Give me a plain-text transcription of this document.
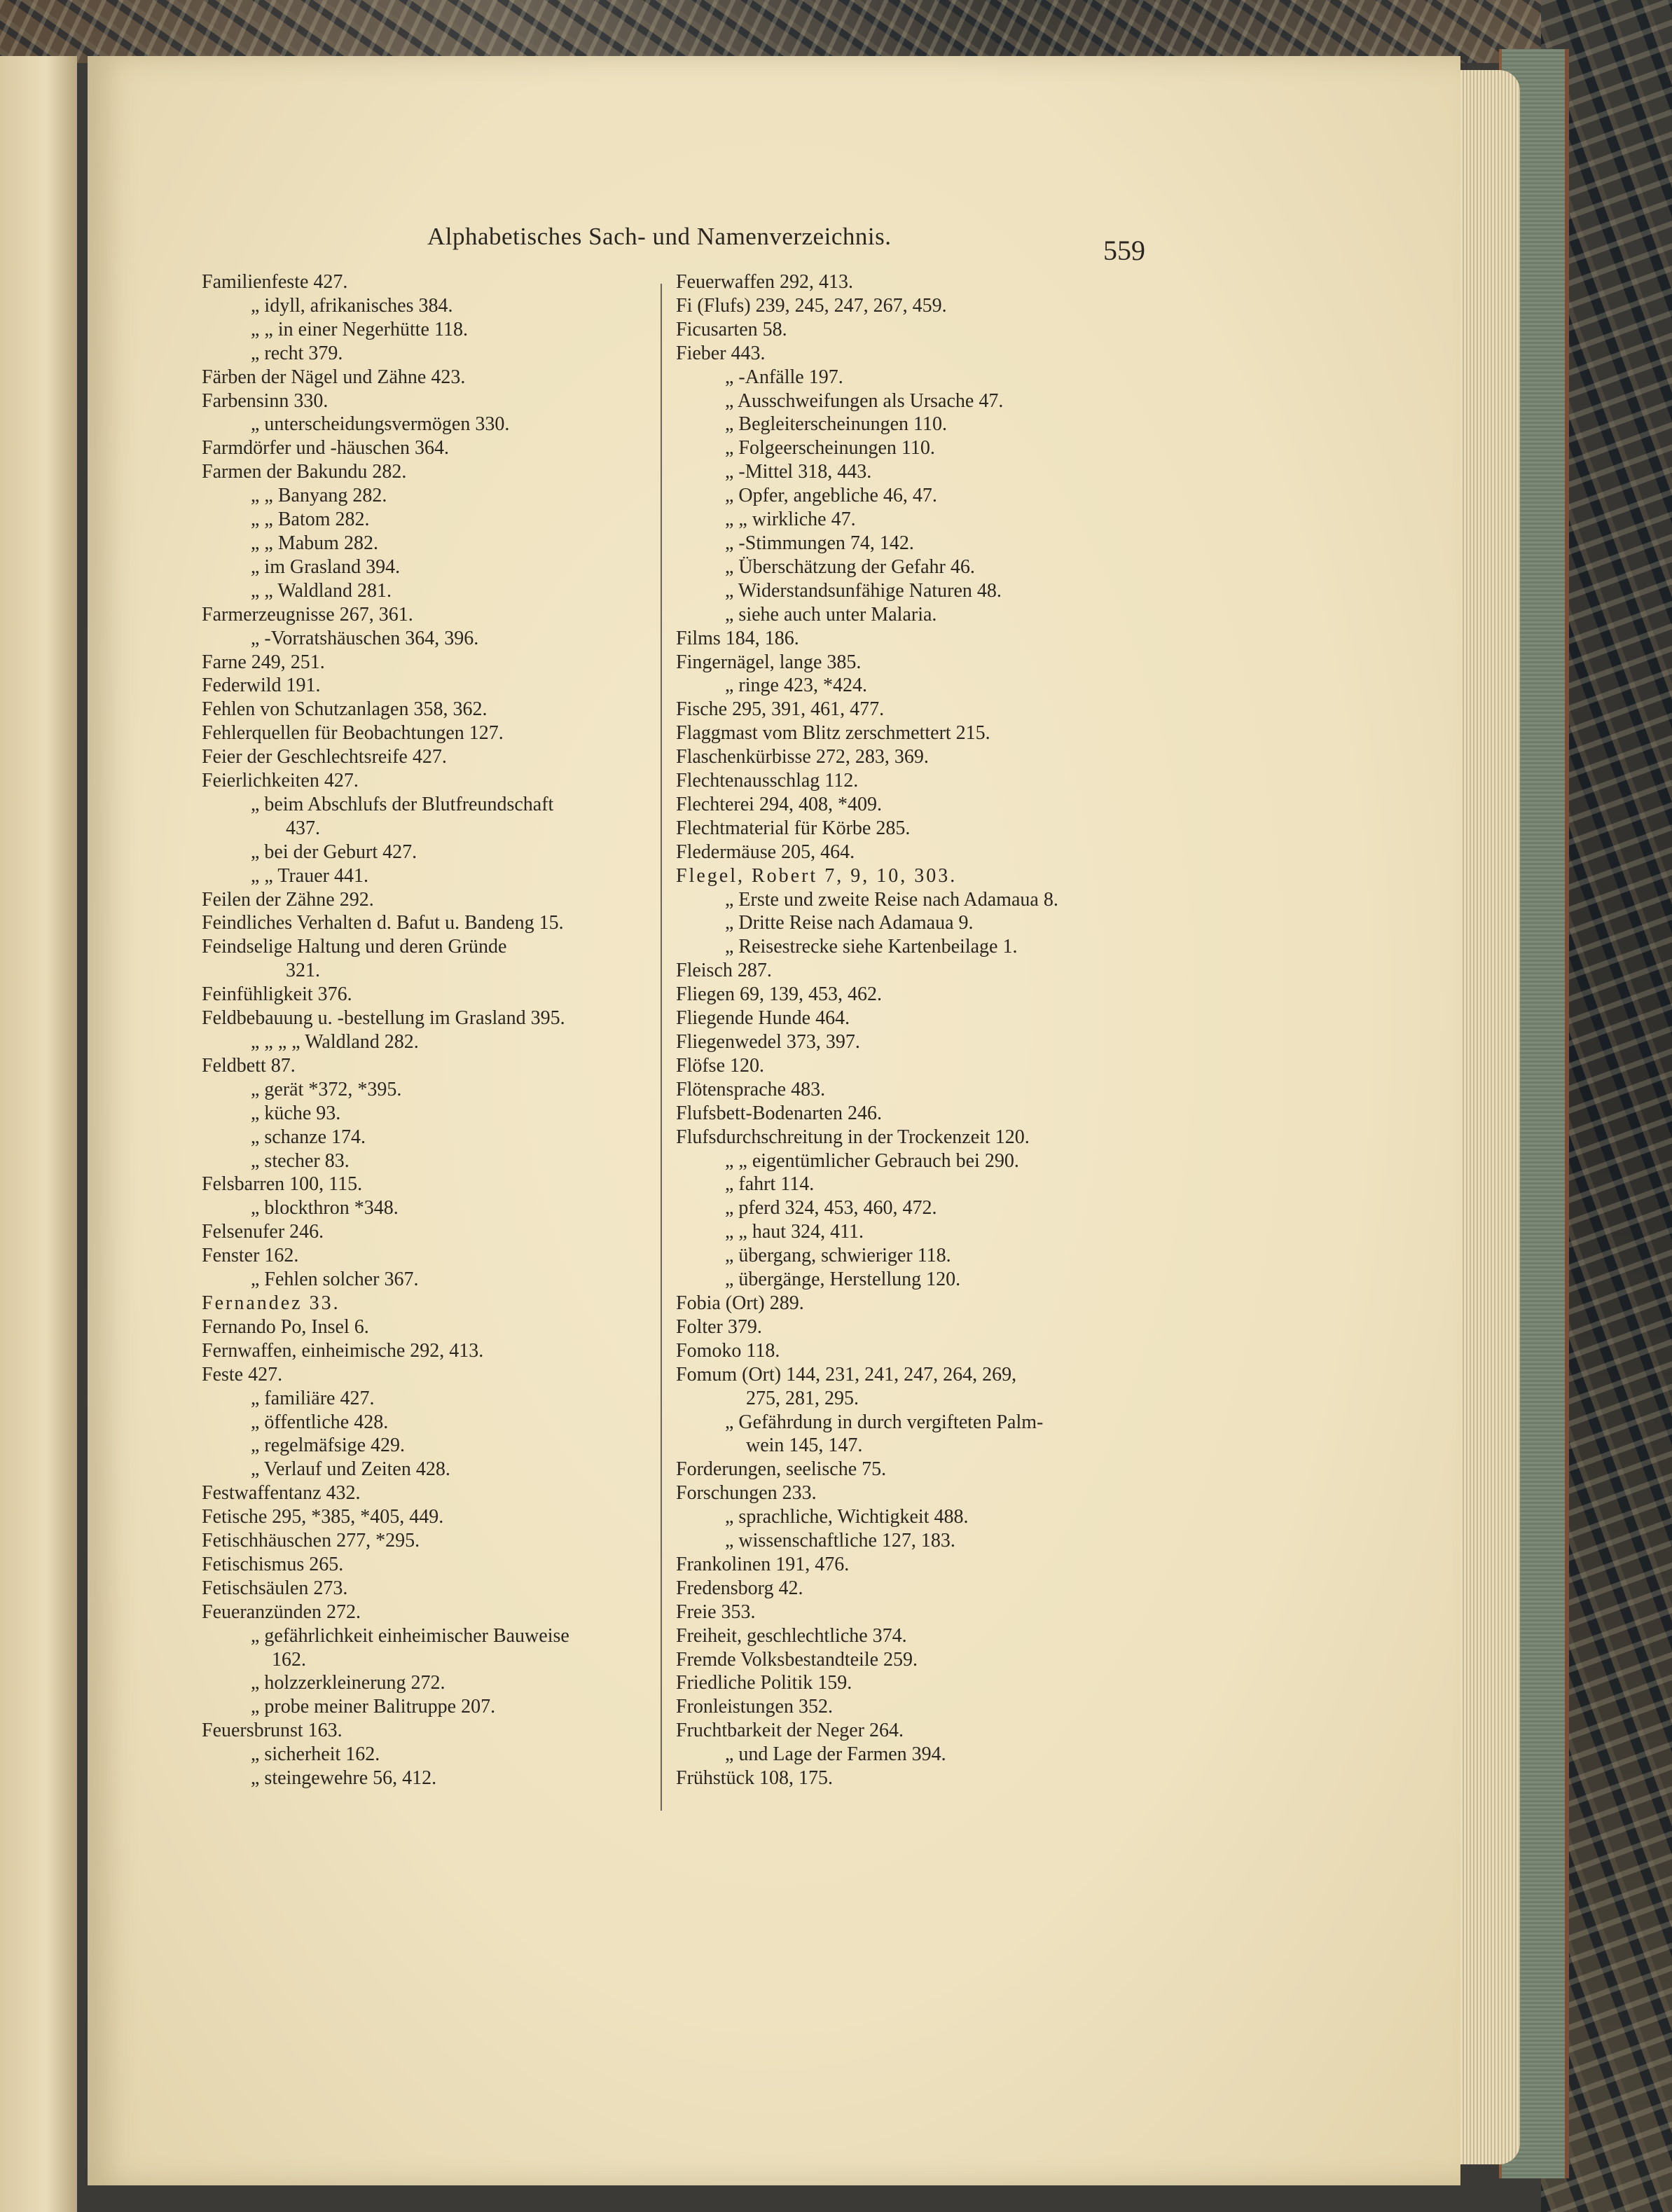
Alphabetisches Sach- und Namenverzeichnis.	559
Familienfeste 427.
„ idyll, afrikanisches 384.
„ „ in einer Negerhütte 118.
„ recht 379.
Färben der Nägel und Zähne 423.
Farbensinn 330.
„ unterscheidungsvermögen 330.
Farmdörfer und -häuschen 364.
Farmen der Bakundu 282.
„ „ Banyang 282.
„ „ Batom 282.
„ „ Mabum 282.
„ im Grasland 394.
„ „ Waldland 281.
Farmerzeugnisse 267, 361.
„ -Vorratshäuschen 364, 396.
Farne 249, 251.
Federwild 191.
Fehlen von Schutzanlagen 358, 362.
Fehlerquellen für Beobachtungen 127.
Feier der Geschlechtsreife 427.
Feierlichkeiten 427.
„ beim Abschlufs der Blutfreundschaft
437.
„ bei der Geburt 427.
„ „ Trauer 441.
Feilen der Zähne 292.
Feindliches Verhalten d. Bafut u. Bandeng 15.
Feindselige Haltung und deren Gründe
321.
Feinfühligkeit 376.
Feldbebauung u. -bestellung im Grasland 395.
„ „ „ „ Waldland 282.
Feldbett 87.
„ gerät *372, *395.
„ küche 93.
„ schanze 174.
„ stecher 83.
Felsbarren 100, 115.
„ blockthron *348.
Felsenufer 246.
Fenster 162.
„ Fehlen solcher 367.
Fernandez 33.
Fernando Po, Insel 6.
Fernwaffen, einheimische 292, 413.
Feste 427.
„ familiäre 427.
„ öffentliche 428.
„ regelmäfsige 429.
„ Verlauf und Zeiten 428.
Festwaffentanz 432.
Fetische 295, *385, *405, 449.
Fetischhäuschen 277, *295.
Fetischismus 265.
Fetischsäulen 273.
Feueranzünden 272.
„ gefährlichkeit einheimischer Bauweise
162.
„ holzzerkleinerung 272.
„ probe meiner Balitruppe 207.
Feuersbrunst 163.
„ sicherheit 162.
„ steingewehre 56, 412.
Feuerwaffen 292, 413.
Fi (Flufs) 239, 245, 247, 267, 459.
Ficusarten 58.
Fieber 443.
„ -Anfälle 197.
„ Ausschweifungen als Ursache 47.
„ Begleiterscheinungen 110.
„ Folgeerscheinungen 110.
„ -Mittel 318, 443.
„ Opfer, angebliche 46, 47.
„ „ wirkliche 47.
„ -Stimmungen 74, 142.
„ Überschätzung der Gefahr 46.
„ Widerstandsunfähige Naturen 48.
„ siehe auch unter Malaria.
Films 184, 186.
Fingernägel, lange 385.
„ ringe 423, *424.
Fische 295, 391, 461, 477.
Flaggmast vom Blitz zerschmettert 215.
Flaschenkürbisse 272, 283, 369.
Flechtenausschlag 112.
Flechterei 294, 408, *409.
Flechtmaterial für Körbe 285.
Fledermäuse 205, 464.
Flegel, Robert 7, 9, 10, 303.
„ Erste und zweite Reise nach Adamaua 8.
„ Dritte Reise nach Adamaua 9.
„ Reisestrecke siehe Kartenbeilage 1.
Fleisch 287.
Fliegen 69, 139, 453, 462.
Fliegende Hunde 464.
Fliegenwedel 373, 397.
Flöfse 120.
Flötensprache 483.
Flufsbett-Bodenarten 246.
Flufsdurchschreitung in der Trockenzeit 120.
„ „ eigentümlicher Gebrauch bei 290.
„ fahrt 114.
„ pferd 324, 453, 460, 472.
„ „ haut 324, 411.
„ übergang, schwieriger 118.
„ übergänge, Herstellung 120.
Fobia (Ort) 289.
Folter 379.
Fomoko 118.
Fomum (Ort) 144, 231, 241, 247, 264, 269,
275, 281, 295.
„ Gefährdung in durch vergifteten Palm-
wein 145, 147.
Forderungen, seelische 75.
Forschungen 233.
„ sprachliche, Wichtigkeit 488.
„ wissenschaftliche 127, 183.
Frankolinen 191, 476.
Fredensborg 42.
Freie 353.
Freiheit, geschlechtliche 374.
Fremde Volksbestandteile 259.
Friedliche Politik 159.
Fronleistungen 352.
Fruchtbarkeit der Neger 264.
„ und Lage der Farmen 394.
Frühstück 108, 175.
